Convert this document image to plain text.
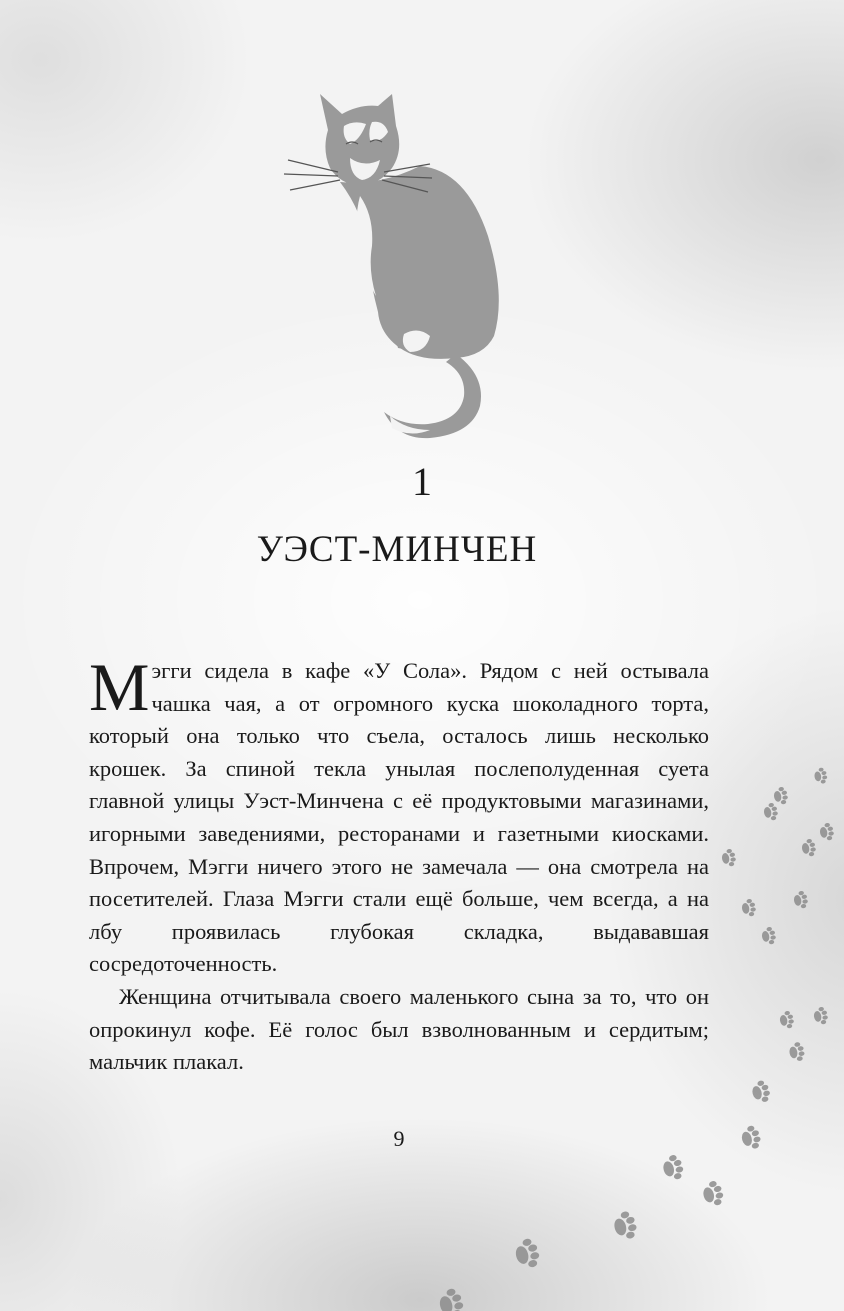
1
УЭСТ-МИНЧЕН

Мэгги сидела в кафе «У Сола». Рядом с ней остывала чашка чая, а от огромного куска шоколадного торта, который она только что съела, осталось лишь несколько крошек. За спиной текла унылая послеполуденная суета главной улицы Уэст-Минчена с её продуктовыми магазинами, игорными заведениями, ресторанами и газетными киосками. Впрочем, Мэгги ничего этого не замечала — она смотрела на посетителей. Глаза Мэгги стали ещё больше, чем всегда, а на лбу проявилась глубокая складка, выдававшая сосредоточенность.

Женщина отчитывала своего маленького сына за то, что он опрокинул кофе. Её голос был взволнованным и сердитым; мальчик плакал.

9
